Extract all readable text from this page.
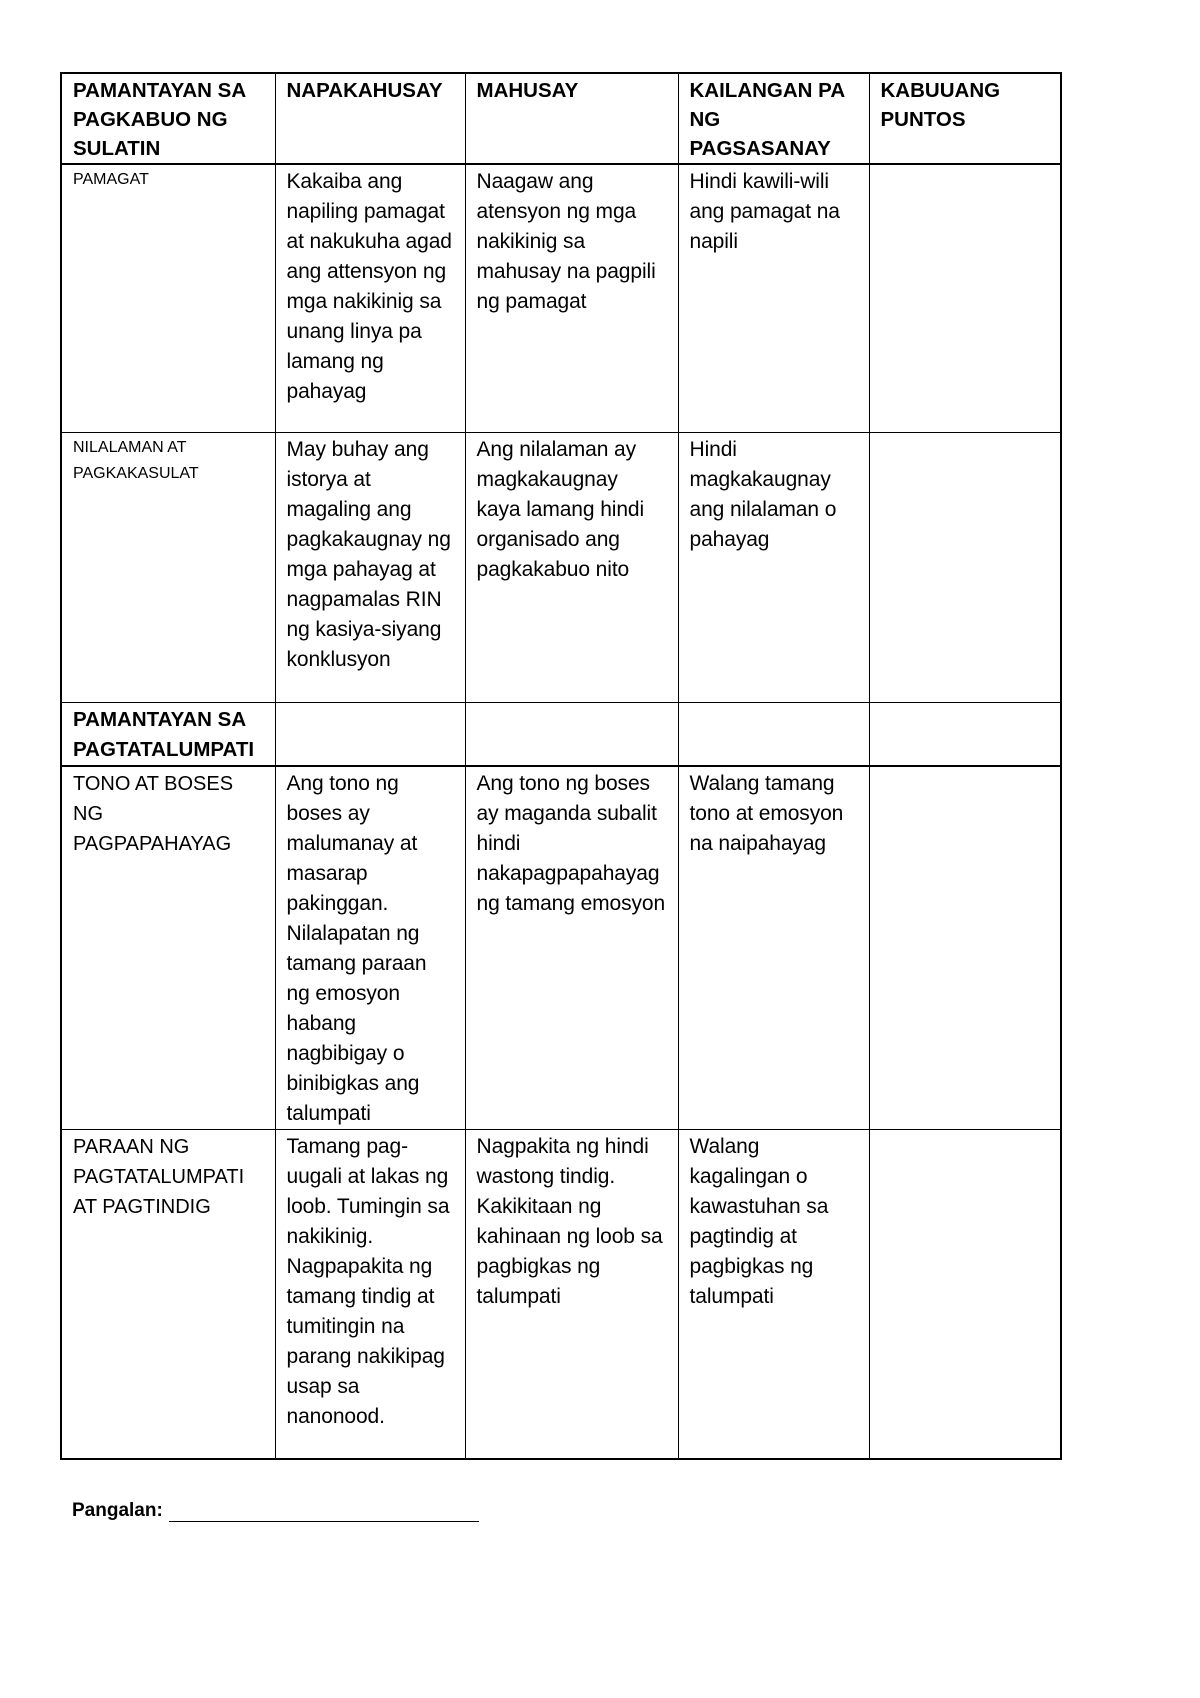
PAMANTAYAN SA PAGKABUO NG SULATIN	NAPAKAHUSAY	MAHUSAY	KAILANGAN PA NG PAGSASANAY	KABUUANG PUNTOS
PAMAGAT	Kakaiba ang napiling pamagat at nakukuha agad ang attensyon ng mga nakikinig sa unang linya pa lamang ng pahayag	Naagaw ang atensyon ng mga nakikinig sa mahusay na pagpili ng pamagat	Hindi kawili-wili ang pamagat na napili	
NILALAMAN AT PAGKAKASULAT	May buhay ang istorya at magaling ang pagkakaugnay ng mga pahayag at nagpamalas RIN ng kasiya-siyang konklusyon	Ang nilalaman ay magkakaugnay kaya lamang hindi organisado ang pagkakabuo nito	Hindi magkakaugnay ang nilalaman o pahayag	
PAMANTAYAN SA PAGTATALUMPATI				
TONO AT BOSES NG PAGPAPAHAYAG	Ang tono ng boses ay malumanay at masarap pakinggan. Nilalapatan ng tamang paraan ng emosyon habang nagbibigay o binibigkas ang talumpati	Ang tono ng boses ay maganda subalit hindi nakapagpapahayag ng tamang emosyon	Walang tamang tono at emosyon na naipahayag	
PARAAN NG PAGTATALUMPATI AT PAGTINDIG	Tamang pag-uugali at lakas ng loob. Tumingin sa nakikinig. Nagpapakita ng tamang tindig at tumitingin na parang nakikipag usap sa nanonood.	Nagpakita ng hindi wastong tindig. Kakikitaan ng kahinaan ng loob sa pagbigkas ng talumpati	Walang kagalingan o kawastuhan sa pagtindig at pagbigkas ng talumpati	
Pangalan:
